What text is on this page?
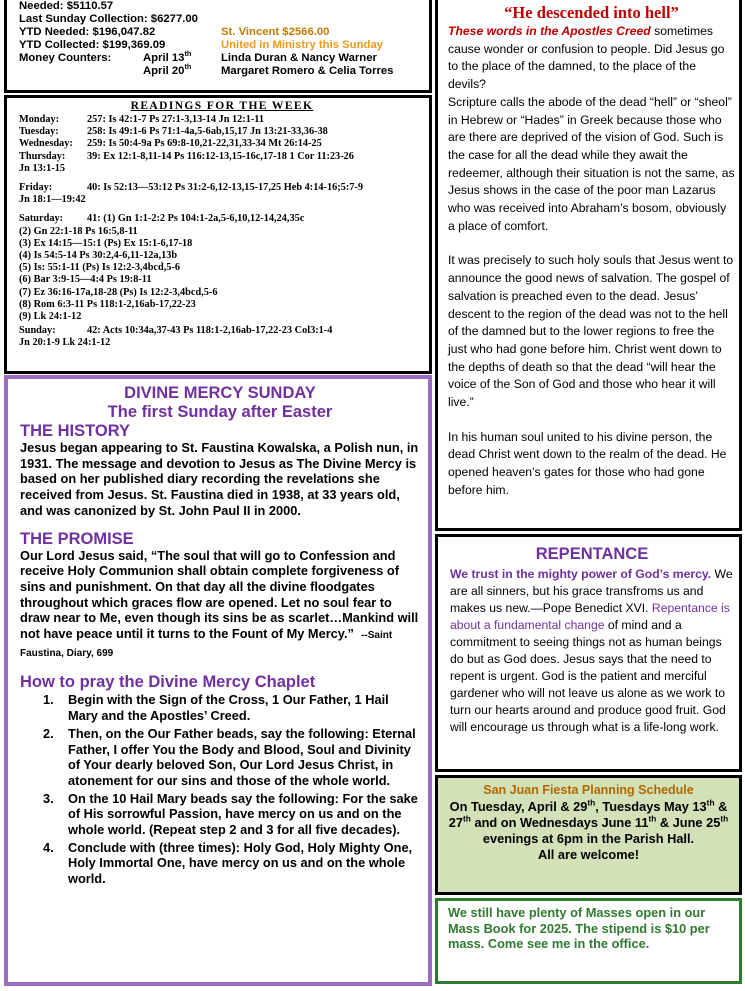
Needed: $5110.57
Last Sunday Collection: $6277.00
YTD Needed: $196,047.82	St. Vincent $2566.00
YTD Collected: $199,369.09	United in Ministry this Sunday
Money Counters:	April 13th	Linda Duran & Nancy Warner
April 20th	Margaret Romero & Celia Torres
READINGS FOR THE WEEK
Monday:	257: Is 42:1-7 Ps 27:1-3,13-14 Jn 12:1-11
Tuesday:	258: Is 49:1-6 Ps 71:1-4a,5-6ab,15,17 Jn 13:21-33,36-38
Wednesday: 259: Is 50:4-9a Ps 69:8-10,21-22,31,33-34 Mt 26:14-25
Thursday: 39: Ex 12:1-8,11-14 Ps 116:12-13,15-16c,17-18 1 Cor 11:23-26
Jn 13:1-15
Friday:	40: Is 52:13—53:12 Ps 31:2-6,12-13,15-17,25 Heb 4:14-16;5:7-9
Jn 18:1—19:42
Saturday: 41: (1) Gn 1:1-2:2 Ps 104:1-2a,5-6,10,12-14,24,35c
(2) Gn 22:1-18 Ps 16:5,8-11
(3) Ex 14:15—15:1 (Ps) Ex 15:1-6,17-18
(4) Is 54:5-14 Ps 30:2,4-6,11-12a,13b
(5) Is: 55:1-11 (Ps) Is 12:2-3,4bcd,5-6
(6) Bar 3:9-15—4:4 Ps 19:8-11
(7) Ez 36:16-17a,18-28 (Ps) Is 12:2-3,4bcd,5-6
(8) Rom 6:3-11 Ps 118:1-2,16ab-17,22-23
(9) Lk 24:1-12
Sunday:	42: Acts 10:34a,37-43 Ps 118:1-2,16ab-17,22-23 Col3:1-4
Jn 20:1-9 Lk 24:1-12
DIVINE MERCY SUNDAY
The first Sunday after Easter
THE HISTORY

Jesus began appearing to St. Faustina Kowalska, a Polish nun, in 1931. The message and devotion to Jesus as The Divine Mercy is based on her published diary recording the revelations she received from Jesus. St. Faustina died in 1938, at 33 years old, and was canonized by St. John Paul II in 2000.

THE PROMISE

Our Lord Jesus said, “The soul that will go to Confession and receive Holy Communion shall obtain complete forgiveness of sins and punishment. On that day all the divine floodgates throughout which graces flow are opened. Let no soul fear to draw near to Me, even though its sins be as scarlet…Mankind will not have peace until it turns to the Fount of My Mercy.” --Saint Faustina, Diary, 699

How to pray the Divine Mercy Chaplet
1. Begin with the Sign of the Cross, 1 Our Father, 1 Hail Mary and the Apostles’ Creed.
2. Then, on the Our Father beads, say the following: Eternal Father, I offer You the Body and Blood, Soul and Divinity of Your dearly beloved Son, Our Lord Jesus Christ, in atonement for our sins and those of the whole world.
3. On the 10 Hail Mary beads say the following: For the sake of His sorrowful Passion, have mercy on us and on the whole world. (Repeat step 2 and 3 for all five decades).
4. Conclude with (three times): Holy God, Holy Mighty One, Holy Immortal One, have mercy on us and on the whole world.
“He descended into hell”

These words in the Apostles Creed sometimes cause wonder or confusion to people. Did Jesus go to the place of the damned, to the place of the devils?

Scripture calls the abode of the dead “hell” or “sheol” in Hebrew or “Hades” in Greek because those who are there are deprived of the vision of God. Such is the case for all the dead while they await the redeemer, although their situation is not the same, as Jesus shows in the case of the poor man Lazarus who was received into Abraham’s bosom, obviously a place of comfort.

It was precisely to such holy souls that Jesus went to announce the good news of salvation. The gospel of salvation is preached even to the dead. Jesus’ descent to the region of the dead was not to the hell of the damned but to the lower regions to free the just who had gone before him. Christ went down to the depths of death so that the dead “will hear the voice of the Son of God and those who hear it will live.”

In his human soul united to his divine person, the dead Christ went down to the realm of the dead. He opened heaven’s gates for those who had gone before him.

REPENTANCE

We trust in the mighty power of God’s mercy. We are all sinners, but his grace transfroms us and makes us new.—Pope Benedict XVI. Repentance is about a fundamental change of mind and a commitment to seeing things not as human beings do but as God does. Jesus says that the need to repent is urgent. God is the patient and merciful gardener who will not leave us alone as we work to turn our hearts around and produce good fruit. God will encourage us through what is a life-long work.

San Juan Fiesta Planning Schedule

On Tuesday, April & 29th, Tuesdays May 13th & 27th and on Wednesdays June 11th & June 25th evenings at 6pm in the Parish Hall.

All are welcome!

We still have plenty of Masses open in our Mass Book for 2025. The stipend is $10 per mass. Come see me in the office.
